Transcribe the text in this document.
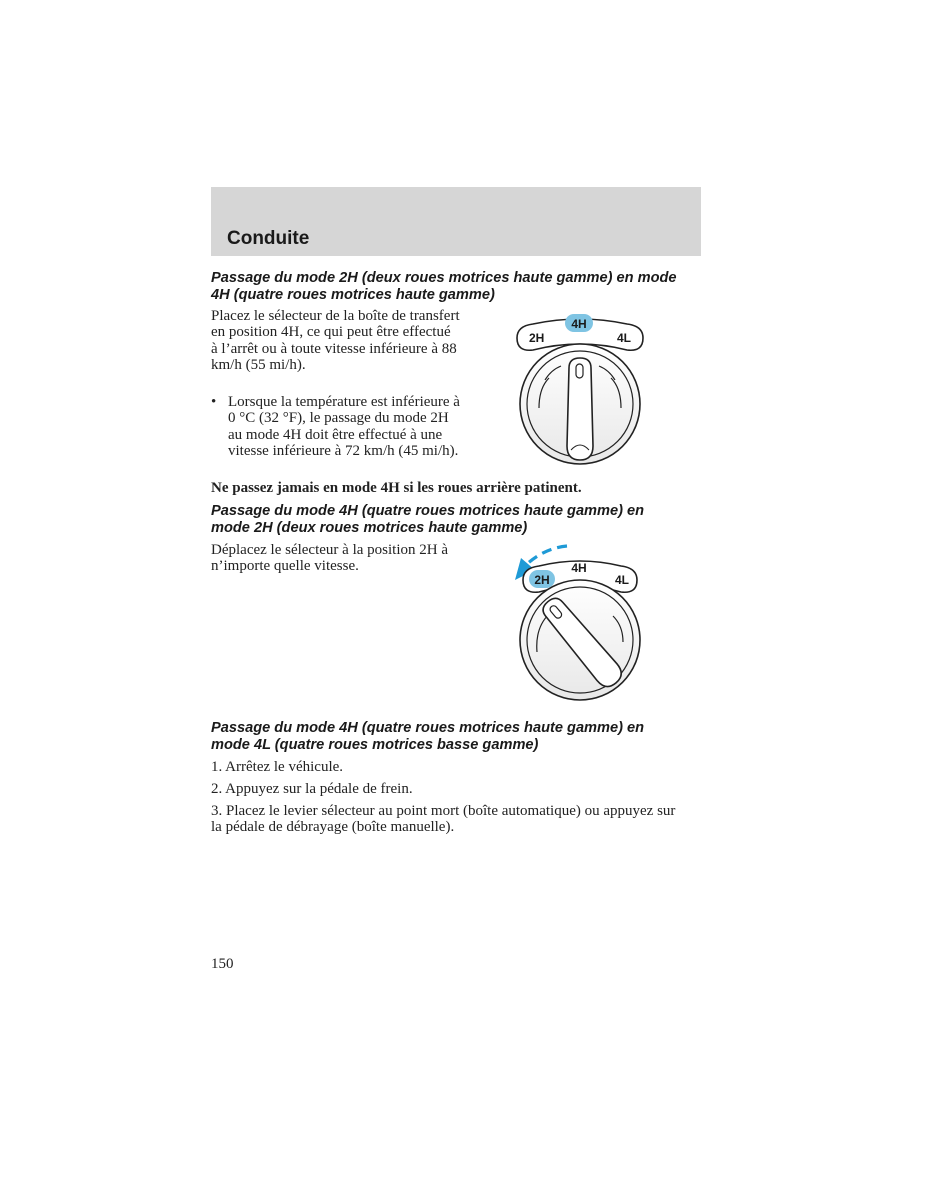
Conduite
Passage du mode 2H (deux roues motrices haute gamme) en mode 4H (quatre roues motrices haute gamme)

Placez le sélecteur de la boîte de transfert en position 4H, ce qui peut être effectué à l’arrêt ou à toute vitesse inférieure à 88 km/h (55 mi/h).

• Lorsque la température est inférieure à 0 °C (32 °F), le passage du mode 2H au mode 4H doit être effectué à une vitesse inférieure à 72 km/h (45 mi/h).

Ne passez jamais en mode 4H si les roues arrière patinent.

Passage du mode 4H (quatre roues motrices haute gamme) en mode 2H (deux roues motrices haute gamme)

Déplacez le sélecteur à la position 2H à n’importe quelle vitesse.

4H
2H	4L
2H
4H
4L
Passage du mode 4H (quatre roues motrices haute gamme) en mode 4L (quatre roues motrices basse gamme)

1. Arrêtez le véhicule.

2. Appuyez sur la pédale de frein.

3. Placez le levier sélecteur au point mort (boîte automatique) ou appuyez sur la pédale de débrayage (boîte manuelle).

150
